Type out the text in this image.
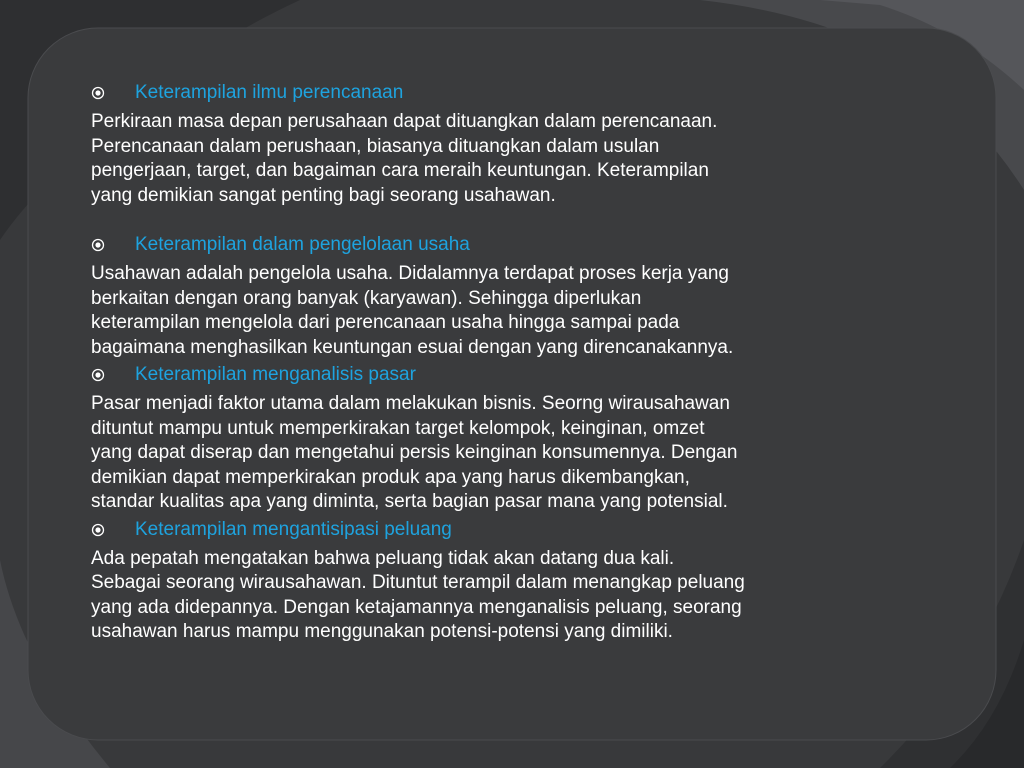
Keterampilan ilmu perencanaan

Perkiraan masa depan perusahaan dapat dituangkan dalam perencanaan.
Perencanaan dalam perushaan, biasanya dituangkan dalam usulan
pengerjaan, target, dan bagaiman cara meraih keuntungan. Keterampilan
yang demikian sangat penting bagi seorang usahawan.

Keterampilan dalam pengelolaan usaha

Usahawan adalah pengelola usaha. Didalamnya terdapat proses kerja yang
berkaitan dengan orang banyak (karyawan). Sehingga diperlukan
keterampilan mengelola dari perencanaan usaha hingga sampai pada
bagaimana menghasilkan keuntungan esuai dengan yang direncanakannya.

Keterampilan menganalisis pasar

Pasar menjadi faktor utama dalam melakukan bisnis. Seorng wirausahawan
dituntut mampu untuk memperkirakan target kelompok, keinginan, omzet
yang dapat diserap dan mengetahui persis keinginan konsumennya. Dengan
demikian dapat memperkirakan produk apa yang harus dikembangkan,
standar kualitas apa yang diminta, serta bagian pasar mana yang potensial.

Keterampilan mengantisipasi peluang

Ada pepatah mengatakan bahwa peluang tidak akan datang dua kali.
Sebagai seorang wirausahawan. Dituntut terampil dalam menangkap peluang
yang ada didepannya. Dengan ketajamannya menganalisis peluang, seorang
usahawan harus mampu menggunakan potensi-potensi yang dimiliki.
